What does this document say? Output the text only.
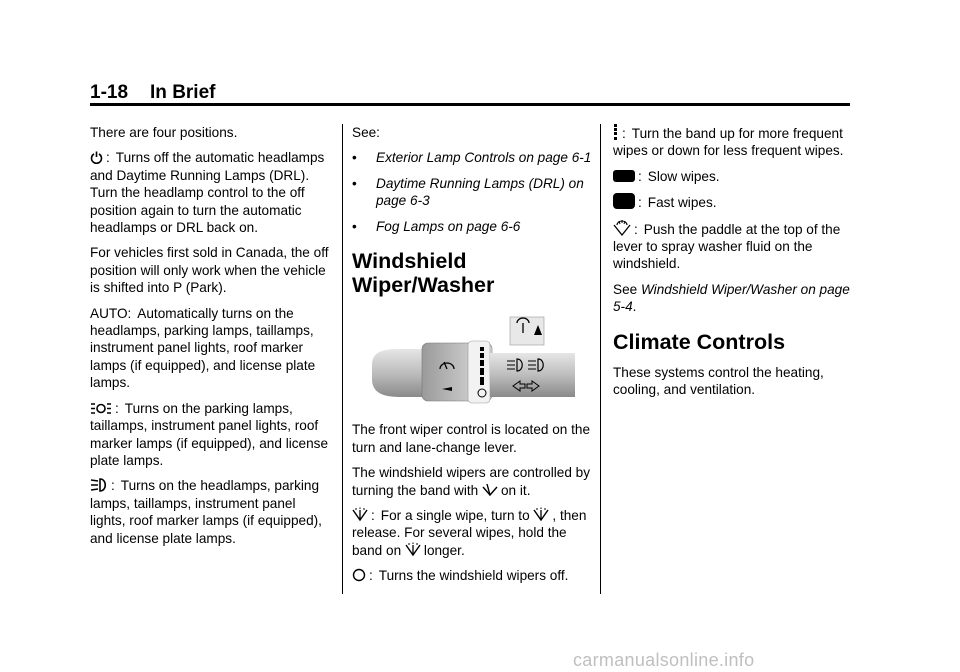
1-18 In Brief

There are four positions.

: Turns off the automatic headlamps and Daytime Running Lamps (DRL). Turn the headlamp control to the off position again to turn the automatic headlamps or DRL back on.

For vehicles first sold in Canada, the off position will only work when the vehicle is shifted into P (Park).

AUTO: Automatically turns on the headlamps, parking lamps, taillamps, instrument panel lights, roof marker lamps (if equipped), and license plate lamps.

: Turns on the parking lamps, taillamps, instrument panel lights, roof marker lamps (if equipped), and license plate lamps.

: Turns on the headlamps, parking lamps, taillamps, instrument panel lights, roof marker lamps (if equipped), and license plate lamps.

See:

• Exterior Lamp Controls on page 6-1
• Daytime Running Lamps (DRL) on page 6-3
• Fog Lamps on page 6-6
Windshield Wiper/Washer

The front wiper control is located on the turn and lane-change lever.

The windshield wipers are controlled by turning the band with on it.

: For a single wipe, turn to , then release. For several wipes, hold the band on longer.

: Turns the windshield wipers off.

: Turn the band up for more frequent wipes or down for less frequent wipes.

: Slow wipes.

: Fast wipes.

: Push the paddle at the top of the lever to spray washer fluid on the windshield.

See Windshield Wiper/Washer on page 5-4.

Climate Controls

These systems control the heating, cooling, and ventilation.

carmanualsonline.info
